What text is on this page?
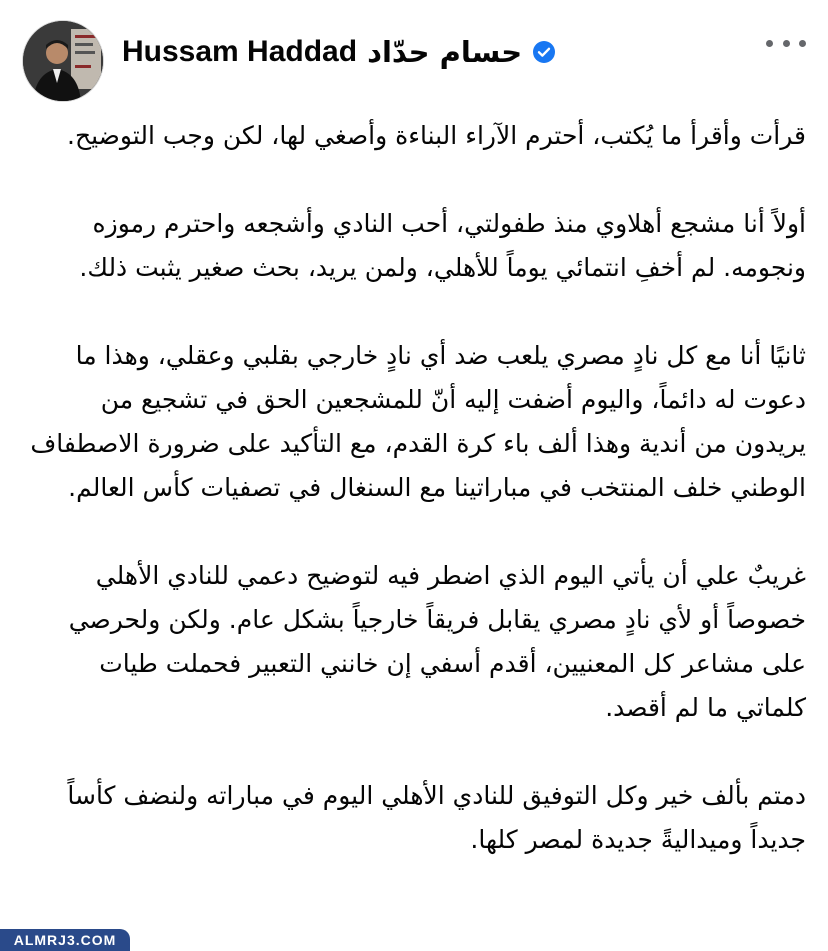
Hussam Haddad حسام حدّاد

قرأت وأقرأ ما يُكتب، أحترم الآراء البناءة وأصغي لها، لكن وجب التوضيح.

أولاً أنا مشجع أهلاوي منذ طفولتي، أحب النادي وأشجعه واحترم رموزه ونجومه. لم أخفِ انتمائي يوماً للأهلي، ولمن يريد، بحث صغير يثبت ذلك.

ثانيًا أنا مع كل نادٍ مصري يلعب ضد أي نادٍ خارجي بقلبي وعقلي، وهذا ما دعوت له دائماً، واليوم أضفت إليه أنّ للمشجعين الحق في تشجيع من يريدون من أندية وهذا ألف باء كرة القدم، مع التأكيد على ضرورة الاصطفاف الوطني خلف المنتخب في مباراتينا مع السنغال في تصفيات كأس العالم.

غريبٌ علي أن يأتي اليوم الذي اضطر فيه لتوضيح دعمي للنادي الأهلي خصوصاً أو لأي نادٍ مصري يقابل فريقاً خارجياً بشكل عام. ولكن ولحرصي على مشاعر كل المعنيين، أقدم أسفي إن خانني التعبير فحملت طيات كلماتي ما لم أقصد.

دمتم بألف خير وكل التوفيق للنادي الأهلي اليوم في مباراته ولنضف كأساً جديداً وميداليةً جديدة لمصر كلها.

ALMRJ3.COM
